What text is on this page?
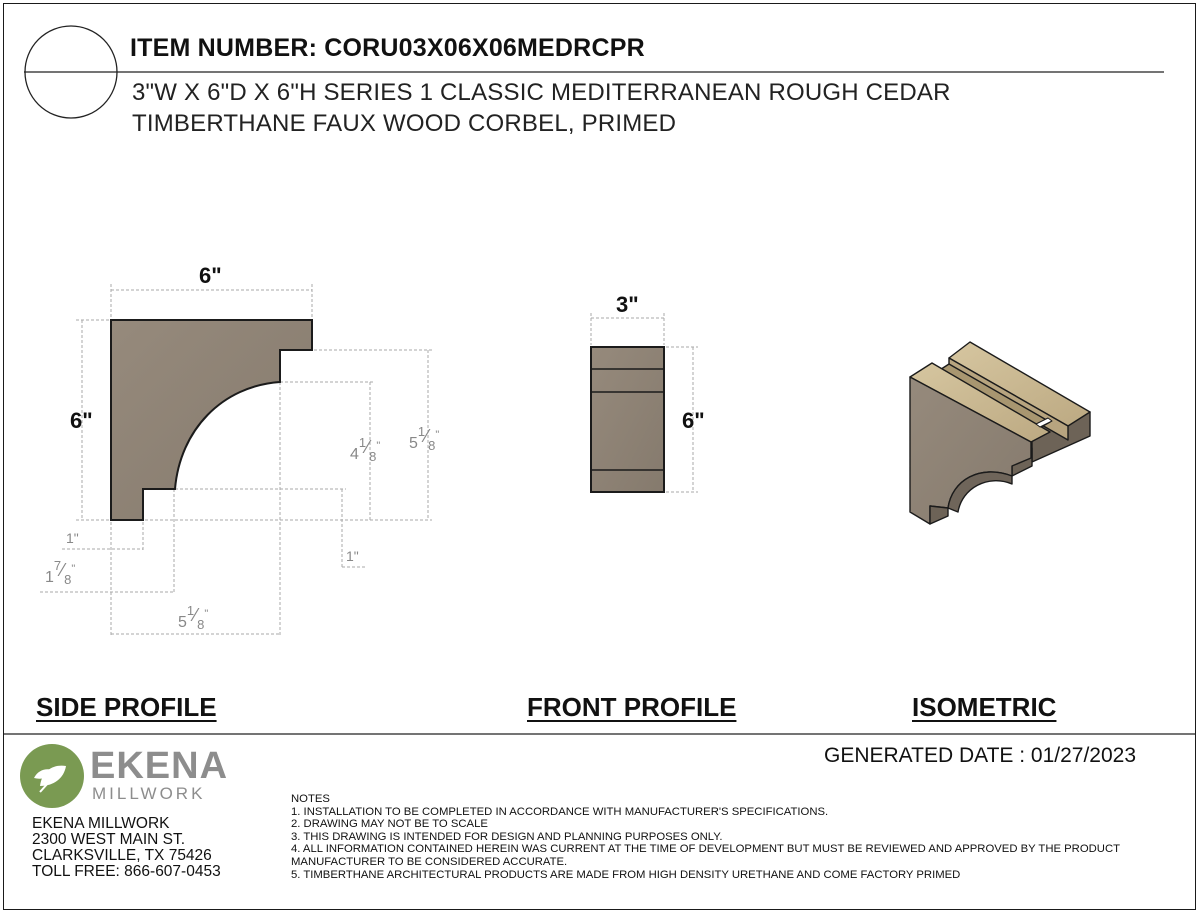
6"
6"
1"
1"
$1^7⁄_8^"$
$5^1⁄_8^"$
$4^1⁄_8^"$ $5^1⁄_8^"$
3"
6"
ITEM NUMBER: CORU03X06X06MEDRCPR
3"W X 6"D X 6"H SERIES 1 CLASSIC MEDITERRANEAN ROUGH CEDAR
TIMBERTHANE FAUX WOOD CORBEL, PRIMED
SIDE PROFILE	FRONT PROFILE	ISOMETRIC
GENERATED DATE : 01/27/2023
EKENA
MILLWORK
EKENA MILLWORK
2300 WEST MAIN ST.
CLARKSVILLE, TX 75426
TOLL FREE: 866-607-0453
NOTES
1. INSTALLATION TO BE COMPLETED IN ACCORDANCE WITH MANUFACTURER'S SPECIFICATIONS.
2. DRAWING MAY NOT BE TO SCALE
3. THIS DRAWING IS INTENDED FOR DESIGN AND PLANNING PURPOSES ONLY.
4. ALL INFORMATION CONTAINED HEREIN WAS CURRENT AT THE TIME OF DEVELOPMENT BUT MUST BE REVIEWED AND APPROVED BY THE PRODUCT MANUFACTURER TO BE CONSIDERED ACCURATE.
5. TIMBERTHANE ARCHITECTURAL PRODUCTS ARE MADE FROM HIGH DENSITY URETHANE AND COME FACTORY PRIMED
